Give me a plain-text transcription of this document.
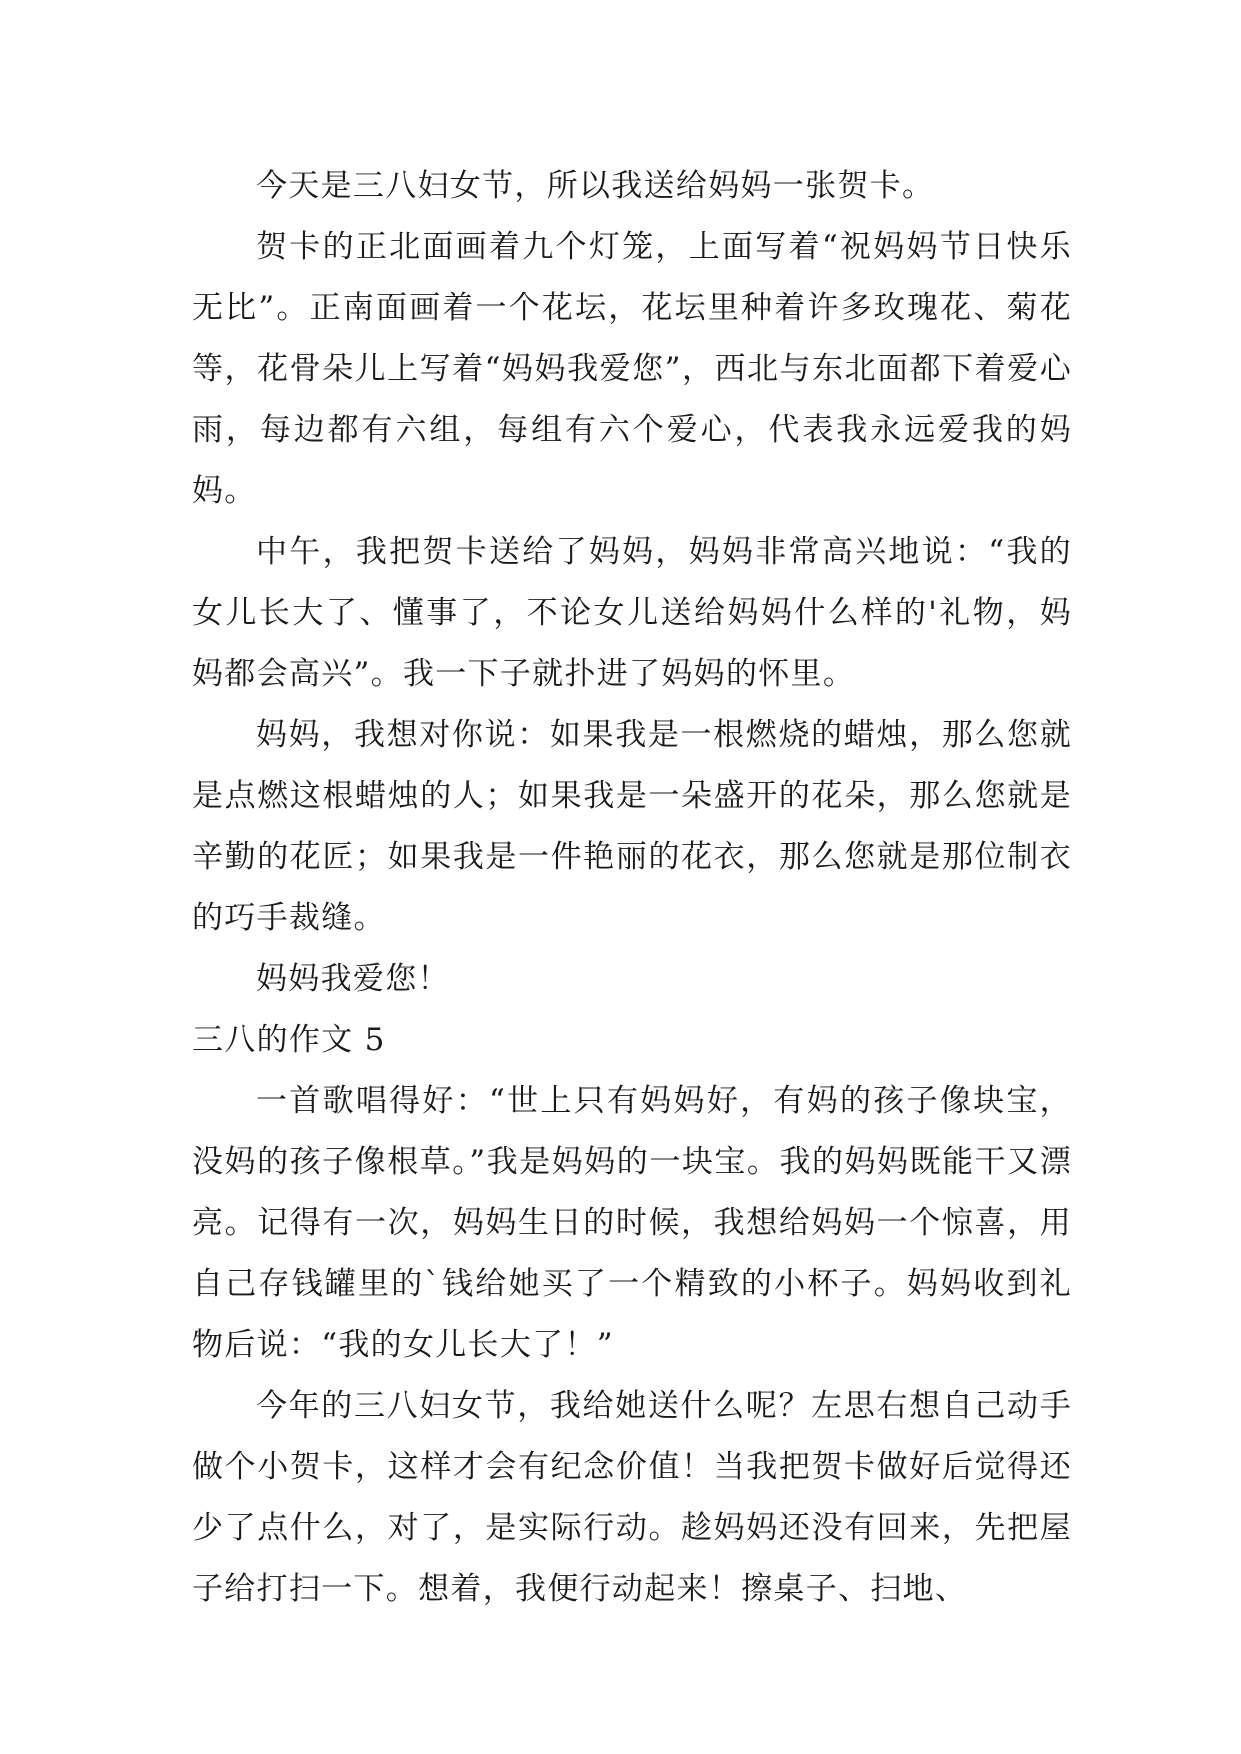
今天是三八妇女节，所以我送给妈妈一张贺卡。

贺卡的正北面画着九个灯笼，上面写着“祝妈妈节日快乐无比”。正南面画着一个花坛，花坛里种着许多玫瑰花、菊花等，花骨朵儿上写着“妈妈我爱您”，西北与东北面都下着爱心雨，每边都有六组，每组有六个爱心，代表我永远爱我的妈妈。

中午，我把贺卡送给了妈妈，妈妈非常高兴地说：“我的女儿长大了、懂事了，不论女儿送给妈妈什么样的'礼物，妈妈都会高兴”。我一下子就扑进了妈妈的怀里。

妈妈，我想对你说：如果我是一根燃烧的蜡烛，那么您就是点燃这根蜡烛的人；如果我是一朵盛开的花朵，那么您就是辛勤的花匠；如果我是一件艳丽的花衣，那么您就是那位制衣的巧手裁缝。

妈妈我爱您！

三八的作文 5

一首歌唱得好：“世上只有妈妈好，有妈的孩子像块宝，没妈的孩子像根草。”我是妈妈的一块宝。我的妈妈既能干又漂亮。记得有一次，妈妈生日的时候，我想给妈妈一个惊喜，用自己存钱罐里的`钱给她买了一个精致的小杯子。妈妈收到礼物后说：“我的女儿长大了！”

今年的三八妇女节，我给她送什么呢？左思右想自己动手做个小贺卡，这样才会有纪念价值！当我把贺卡做好后觉得还少了点什么，对了，是实际行动。趁妈妈还没有回来，先把屋子给打扫一下。想着，我便行动起来！擦桌子、扫地、
